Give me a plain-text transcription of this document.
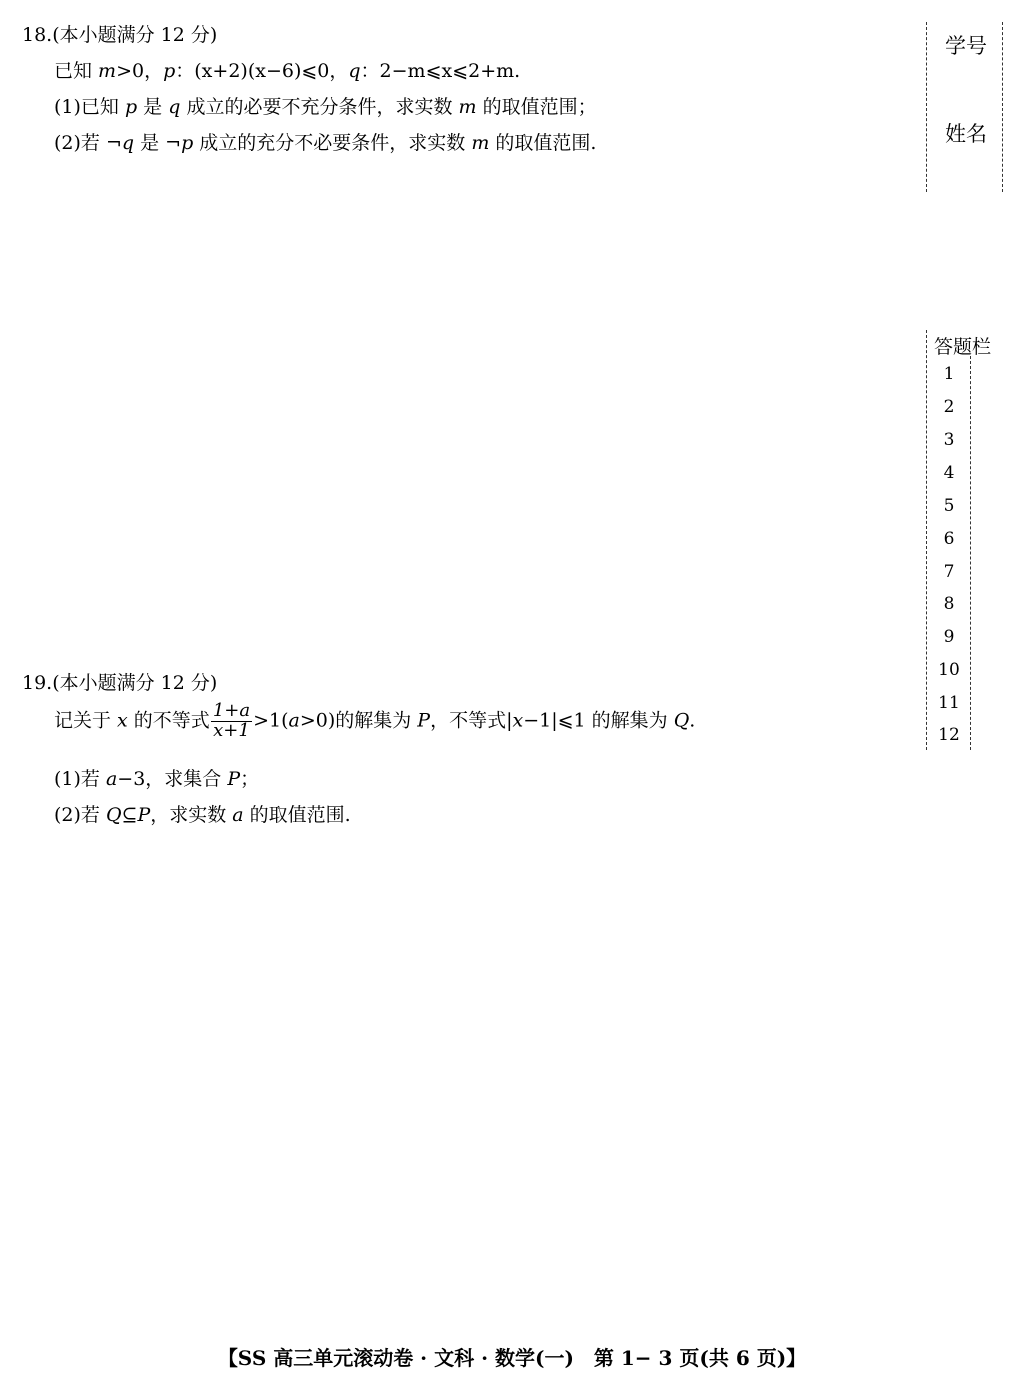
18.(本小题满分 12 分)
已知 m>0，p：(x+2)(x−6)⩽0，q：2−m⩽x⩽2+m.
(1)已知 p 是 q 成立的必要不充分条件，求实数 m 的取值范围；
(2)若 ¬q 是 ¬p 成立的充分不必要条件，求实数 m 的取值范围.
19.(本小题满分 12 分)
记关于 x 的不等式 $\frac{1+a}{x+1} >1(a>0)$的解集为 P，不等式|x−1|⩽1 的解集为 Q.
(1)若 a−3，求集合 P；
(2)若 Q⊆P，求实数 a 的取值范围.
学号
姓名
答题栏
1
2
3
4
5
6
7
8
9
10
11
12
【SS 高三单元滚动卷 · 文科 · 数学(一)　第 1− 3 页(共 6 页)】
